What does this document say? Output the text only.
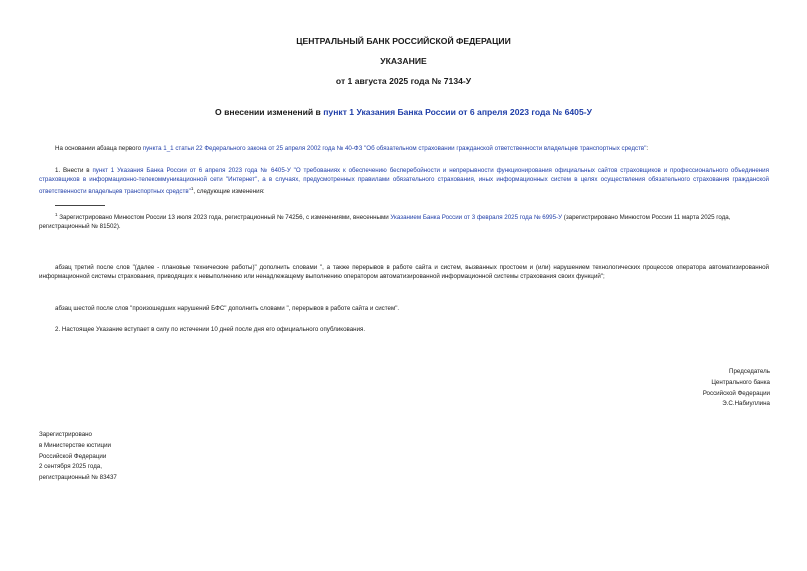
ЦЕНТРАЛЬНЫЙ БАНК РОССИЙСКОЙ ФЕДЕРАЦИИ
УКАЗАНИЕ
от 1 августа 2025 года № 7134-У
О внесении изменений в пункт 1 Указания Банка России от 6 апреля 2023 года № 6405-У
На основании абзаца первого пункта 1_1 статьи 22 Федерального закона от 25 апреля 2002 года № 40-ФЗ "Об обязательном страховании гражданской ответственности владельцев транспортных средств":
1. Внести в пункт 1 Указания Банка России от 6 апреля 2023 года № 6405-У "О требованиях к обеспечению бесперебойности и непрерывности функционирования официальных сайтов страховщиков и профессионального объединения страховщиков в информационно-телекоммуникационной сети "Интернет", а в случаях, предусмотренных правилами обязательного страхования, иных информационных систем в целях осуществления обязательного страхования гражданской ответственности владельцев транспортных средств"$^1$, следующие изменения:
$^1$ Зарегистрировано Минюстом России 13 июля 2023 года, регистрационный № 74256, с изменениями, внесенными Указанием Банка России от 3 февраля 2025 года № 6995-У (зарегистрировано Минюстом России 11 марта 2025 года, регистрационный № 81502).
абзац третий после слов "(далее - плановые технические работы)" дополнить словами ", а также перерывов в работе сайта и систем, вызванных простоем и (или) нарушением технологических процессов оператора автоматизированной информационной системы страхования, приводящих к невыполнению или ненадлежащему выполнению оператором автоматизированной информационной системы страхования своих функций";
абзац шестой после слов "произошедших нарушений БФС" дополнить словами ", перерывов в работе сайта и систем".
2. Настоящее Указание вступает в силу по истечении 10 дней после дня его официального опубликования.
Председатель
Центрального банка
Российской Федерации
Э.С.Набиуллина
Зарегистрировано
в Министерстве юстиции
Российской Федерации
2 сентября 2025 года,
регистрационный № 83437
